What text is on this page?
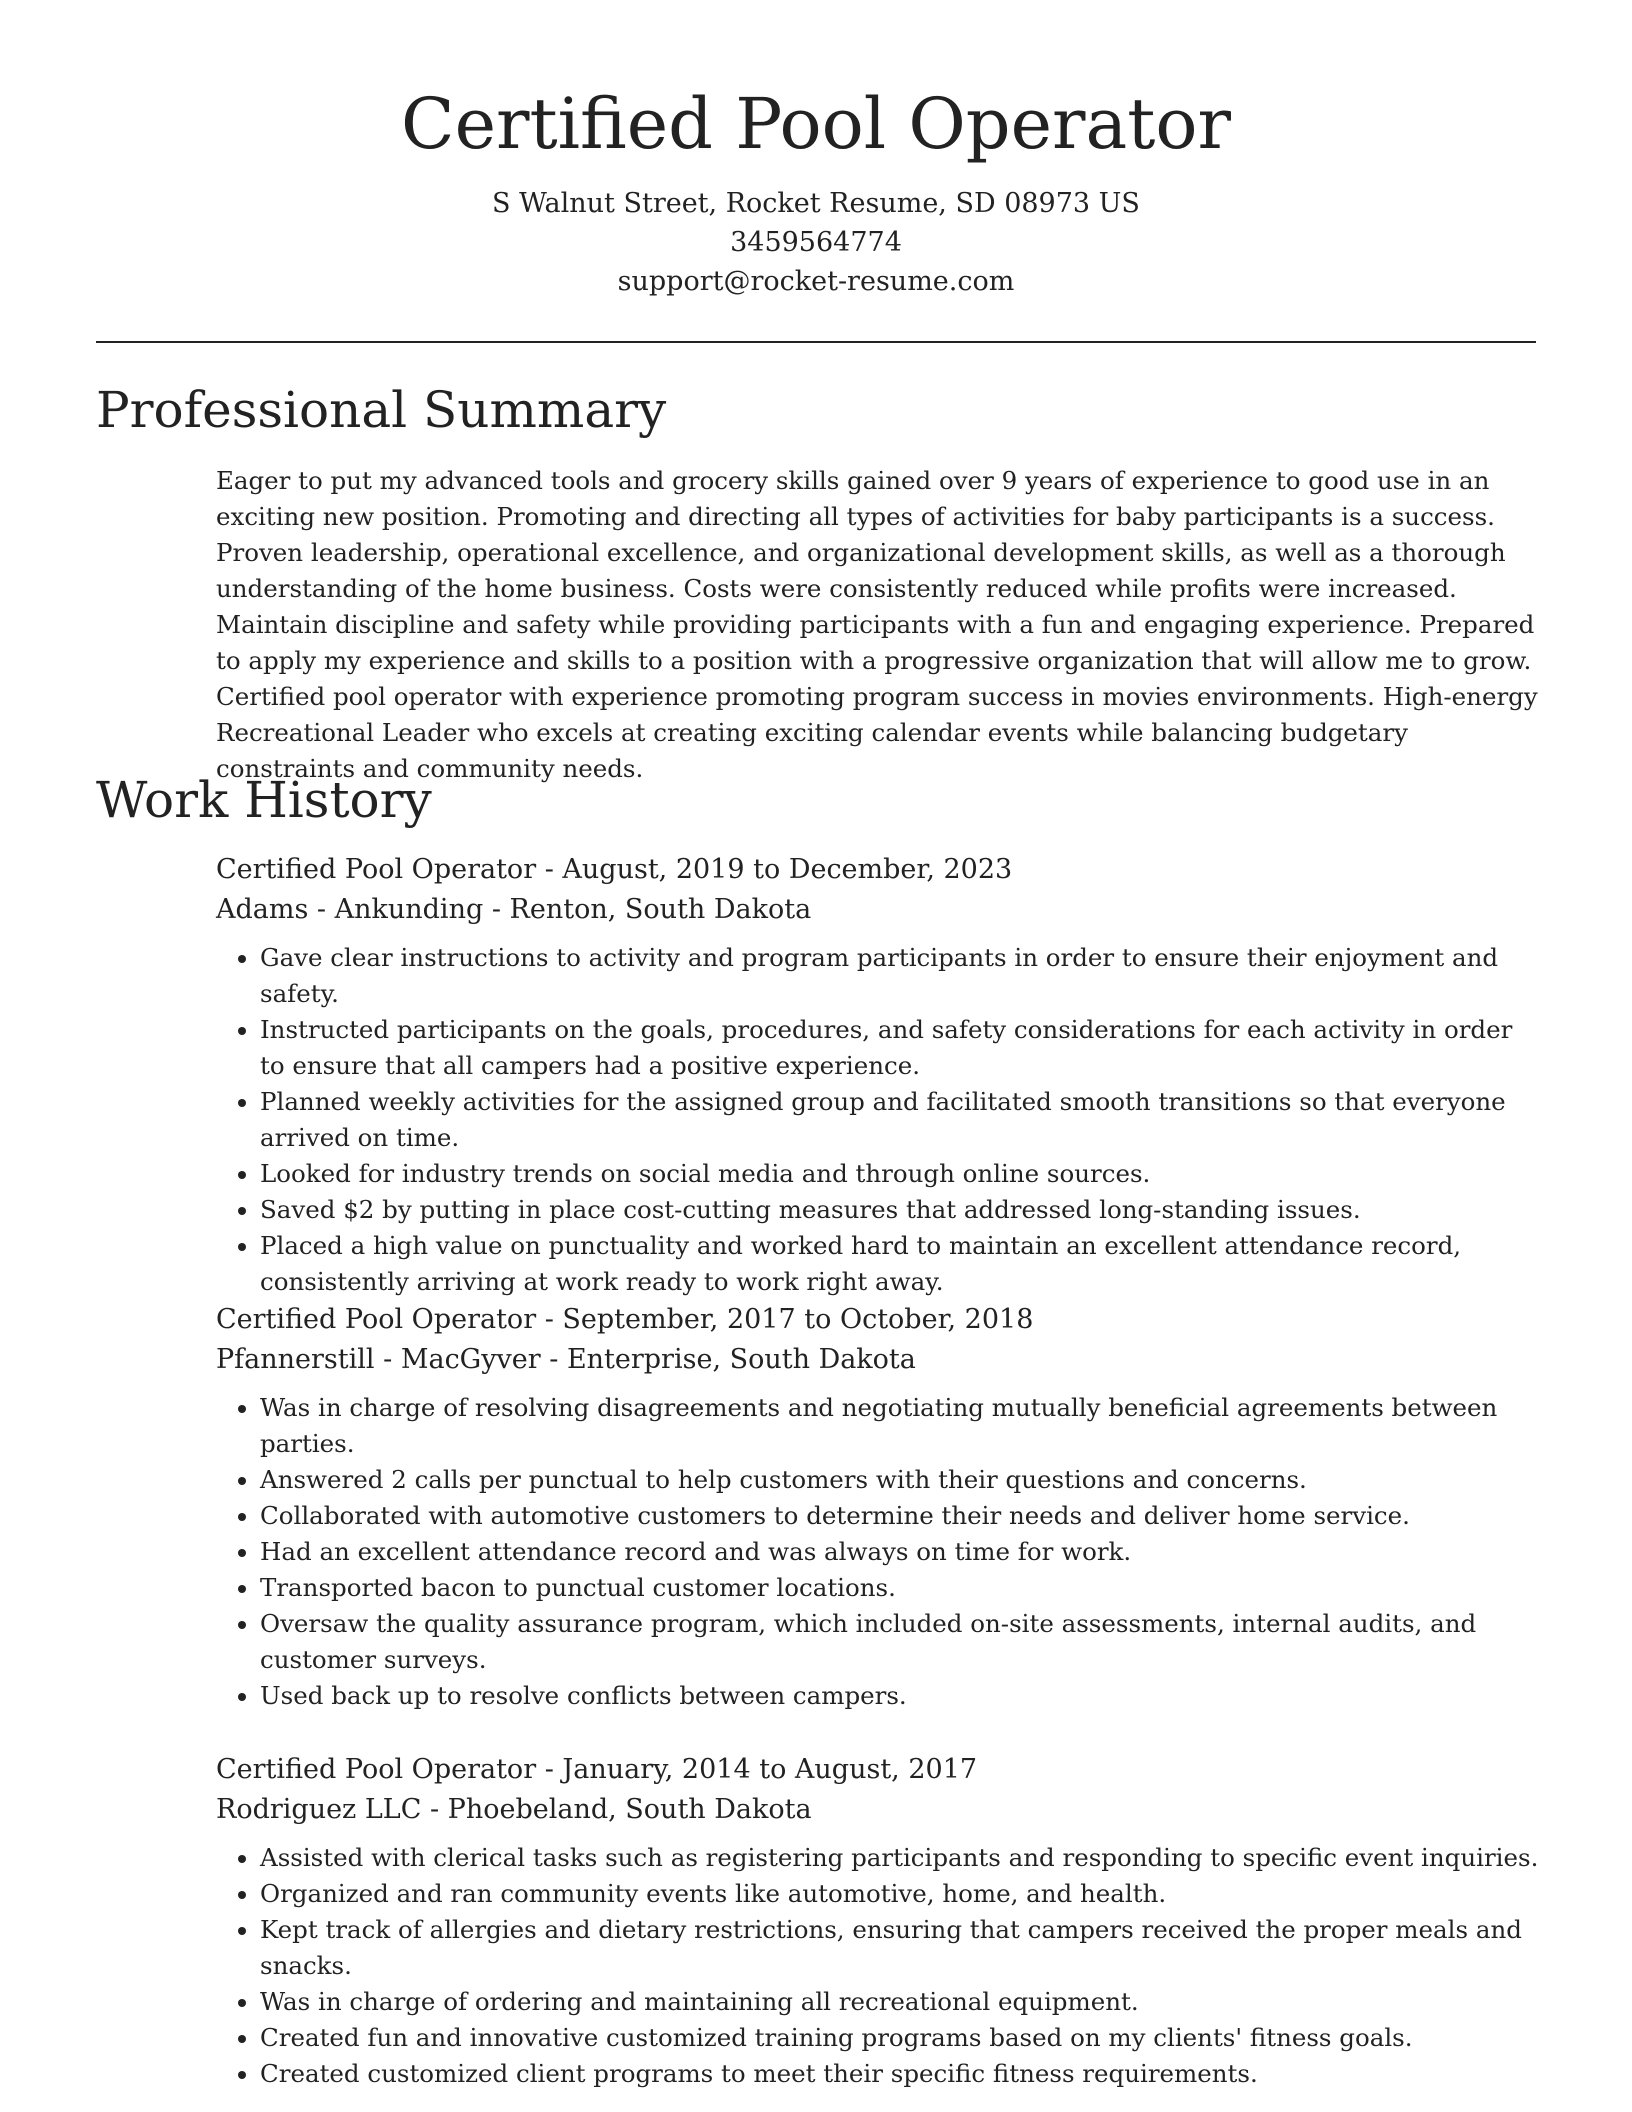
Certified Pool Operator
S Walnut Street, Rocket Resume, SD 08973 US
3459564774
support@rocket-resume.com
Professional Summary

Eager to put my advanced tools and grocery skills gained over 9 years of experience to good use in an exciting new position. Promoting and directing all types of activities for baby participants is a success. Proven leadership, operational excellence, and organizational development skills, as well as a thorough understanding of the home business. Costs were consistently reduced while profits were increased. Maintain discipline and safety while providing participants with a fun and engaging experience. Prepared to apply my experience and skills to a position with a progressive organization that will allow me to grow. Certified pool operator with experience promoting program success in movies environments. High-energy Recreational Leader who excels at creating exciting calendar events while balancing budgetary constraints and community needs.

Work History
Certified Pool Operator - August, 2019 to December, 2023
Adams - Ankunding - Renton, South Dakota
• Gave clear instructions to activity and program participants in order to ensure their enjoyment and safety.
• Instructed participants on the goals, procedures, and safety considerations for each activity in order to ensure that all campers had a positive experience.
• Planned weekly activities for the assigned group and facilitated smooth transitions so that everyone arrived on time.
• Looked for industry trends on social media and through online sources.
• Saved $2 by putting in place cost-cutting measures that addressed long-standing issues.
• Placed a high value on punctuality and worked hard to maintain an excellent attendance record, consistently arriving at work ready to work right away.
Certified Pool Operator - September, 2017 to October, 2018
Pfannerstill - MacGyver - Enterprise, South Dakota
• Was in charge of resolving disagreements and negotiating mutually beneficial agreements between parties.
• Answered 2 calls per punctual to help customers with their questions and concerns.
• Collaborated with automotive customers to determine their needs and deliver home service.
• Had an excellent attendance record and was always on time for work.
• Transported bacon to punctual customer locations.
• Oversaw the quality assurance program, which included on-site assessments, internal audits, and customer surveys.
• Used back up to resolve conflicts between campers.
Certified Pool Operator - January, 2014 to August, 2017
Rodriguez LLC - Phoebeland, South Dakota
• Assisted with clerical tasks such as registering participants and responding to specific event inquiries.
• Organized and ran community events like automotive, home, and health.
• Kept track of allergies and dietary restrictions, ensuring that campers received the proper meals and snacks.
• Was in charge of ordering and maintaining all recreational equipment.
• Created fun and innovative customized training programs based on my clients' fitness goals.
• Created customized client programs to meet their specific fitness requirements.
